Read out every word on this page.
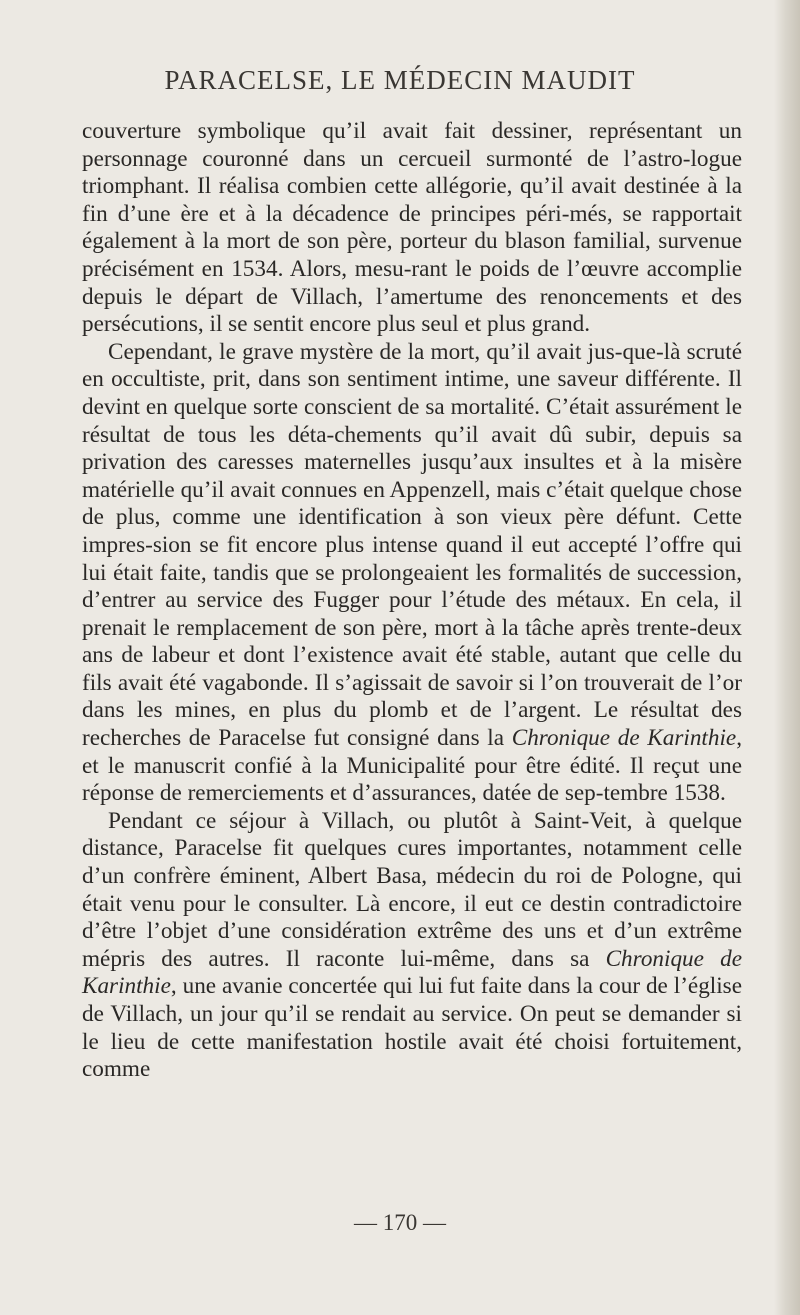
PARACELSE, LE MÉDECIN MAUDIT

couverture symbolique qu’il avait fait dessiner, représentant un personnage couronné dans un cercueil surmonté de l’astro-logue triomphant. Il réalisa combien cette allégorie, qu’il avait destinée à la fin d’une ère et à la décadence de principes péri-més, se rapportait également à la mort de son père, porteur du blason familial, survenue précisément en 1534. Alors, mesu-rant le poids de l’œuvre accomplie depuis le départ de Villach, l’amertume des renoncements et des persécutions, il se sentit encore plus seul et plus grand.

Cependant, le grave mystère de la mort, qu’il avait jus-que-là scruté en occultiste, prit, dans son sentiment intime, une saveur différente. Il devint en quelque sorte conscient de sa mortalité. C’était assurément le résultat de tous les déta-chements qu’il avait dû subir, depuis sa privation des caresses maternelles jusqu’aux insultes et à la misère matérielle qu’il avait connues en Appenzell, mais c’était quelque chose de plus, comme une identification à son vieux père défunt. Cette impres-sion se fit encore plus intense quand il eut accepté l’offre qui lui était faite, tandis que se prolongeaient les formalités de succession, d’entrer au service des Fugger pour l’étude des métaux. En cela, il prenait le remplacement de son père, mort à la tâche après trente-deux ans de labeur et dont l’existence avait été stable, autant que celle du fils avait été vagabonde. Il s’agissait de savoir si l’on trouverait de l’or dans les mines, en plus du plomb et de l’argent. Le résultat des recherches de Paracelse fut consigné dans la Chronique de Karinthie, et le manuscrit confié à la Municipalité pour être édité. Il reçut une réponse de remerciements et d’assurances, datée de sep-tembre 1538.

Pendant ce séjour à Villach, ou plutôt à Saint-Veit, à quelque distance, Paracelse fit quelques cures importantes, notamment celle d’un confrère éminent, Albert Basa, médecin du roi de Pologne, qui était venu pour le consulter. Là encore, il eut ce destin contradictoire d’être l’objet d’une considération extrême des uns et d’un extrême mépris des autres. Il raconte lui-même, dans sa Chronique de Karinthie, une avanie concertée qui lui fut faite dans la cour de l’église de Villach, un jour qu’il se rendait au service. On peut se demander si le lieu de cette manifestation hostile avait été choisi fortuitement, comme

— 170 —
